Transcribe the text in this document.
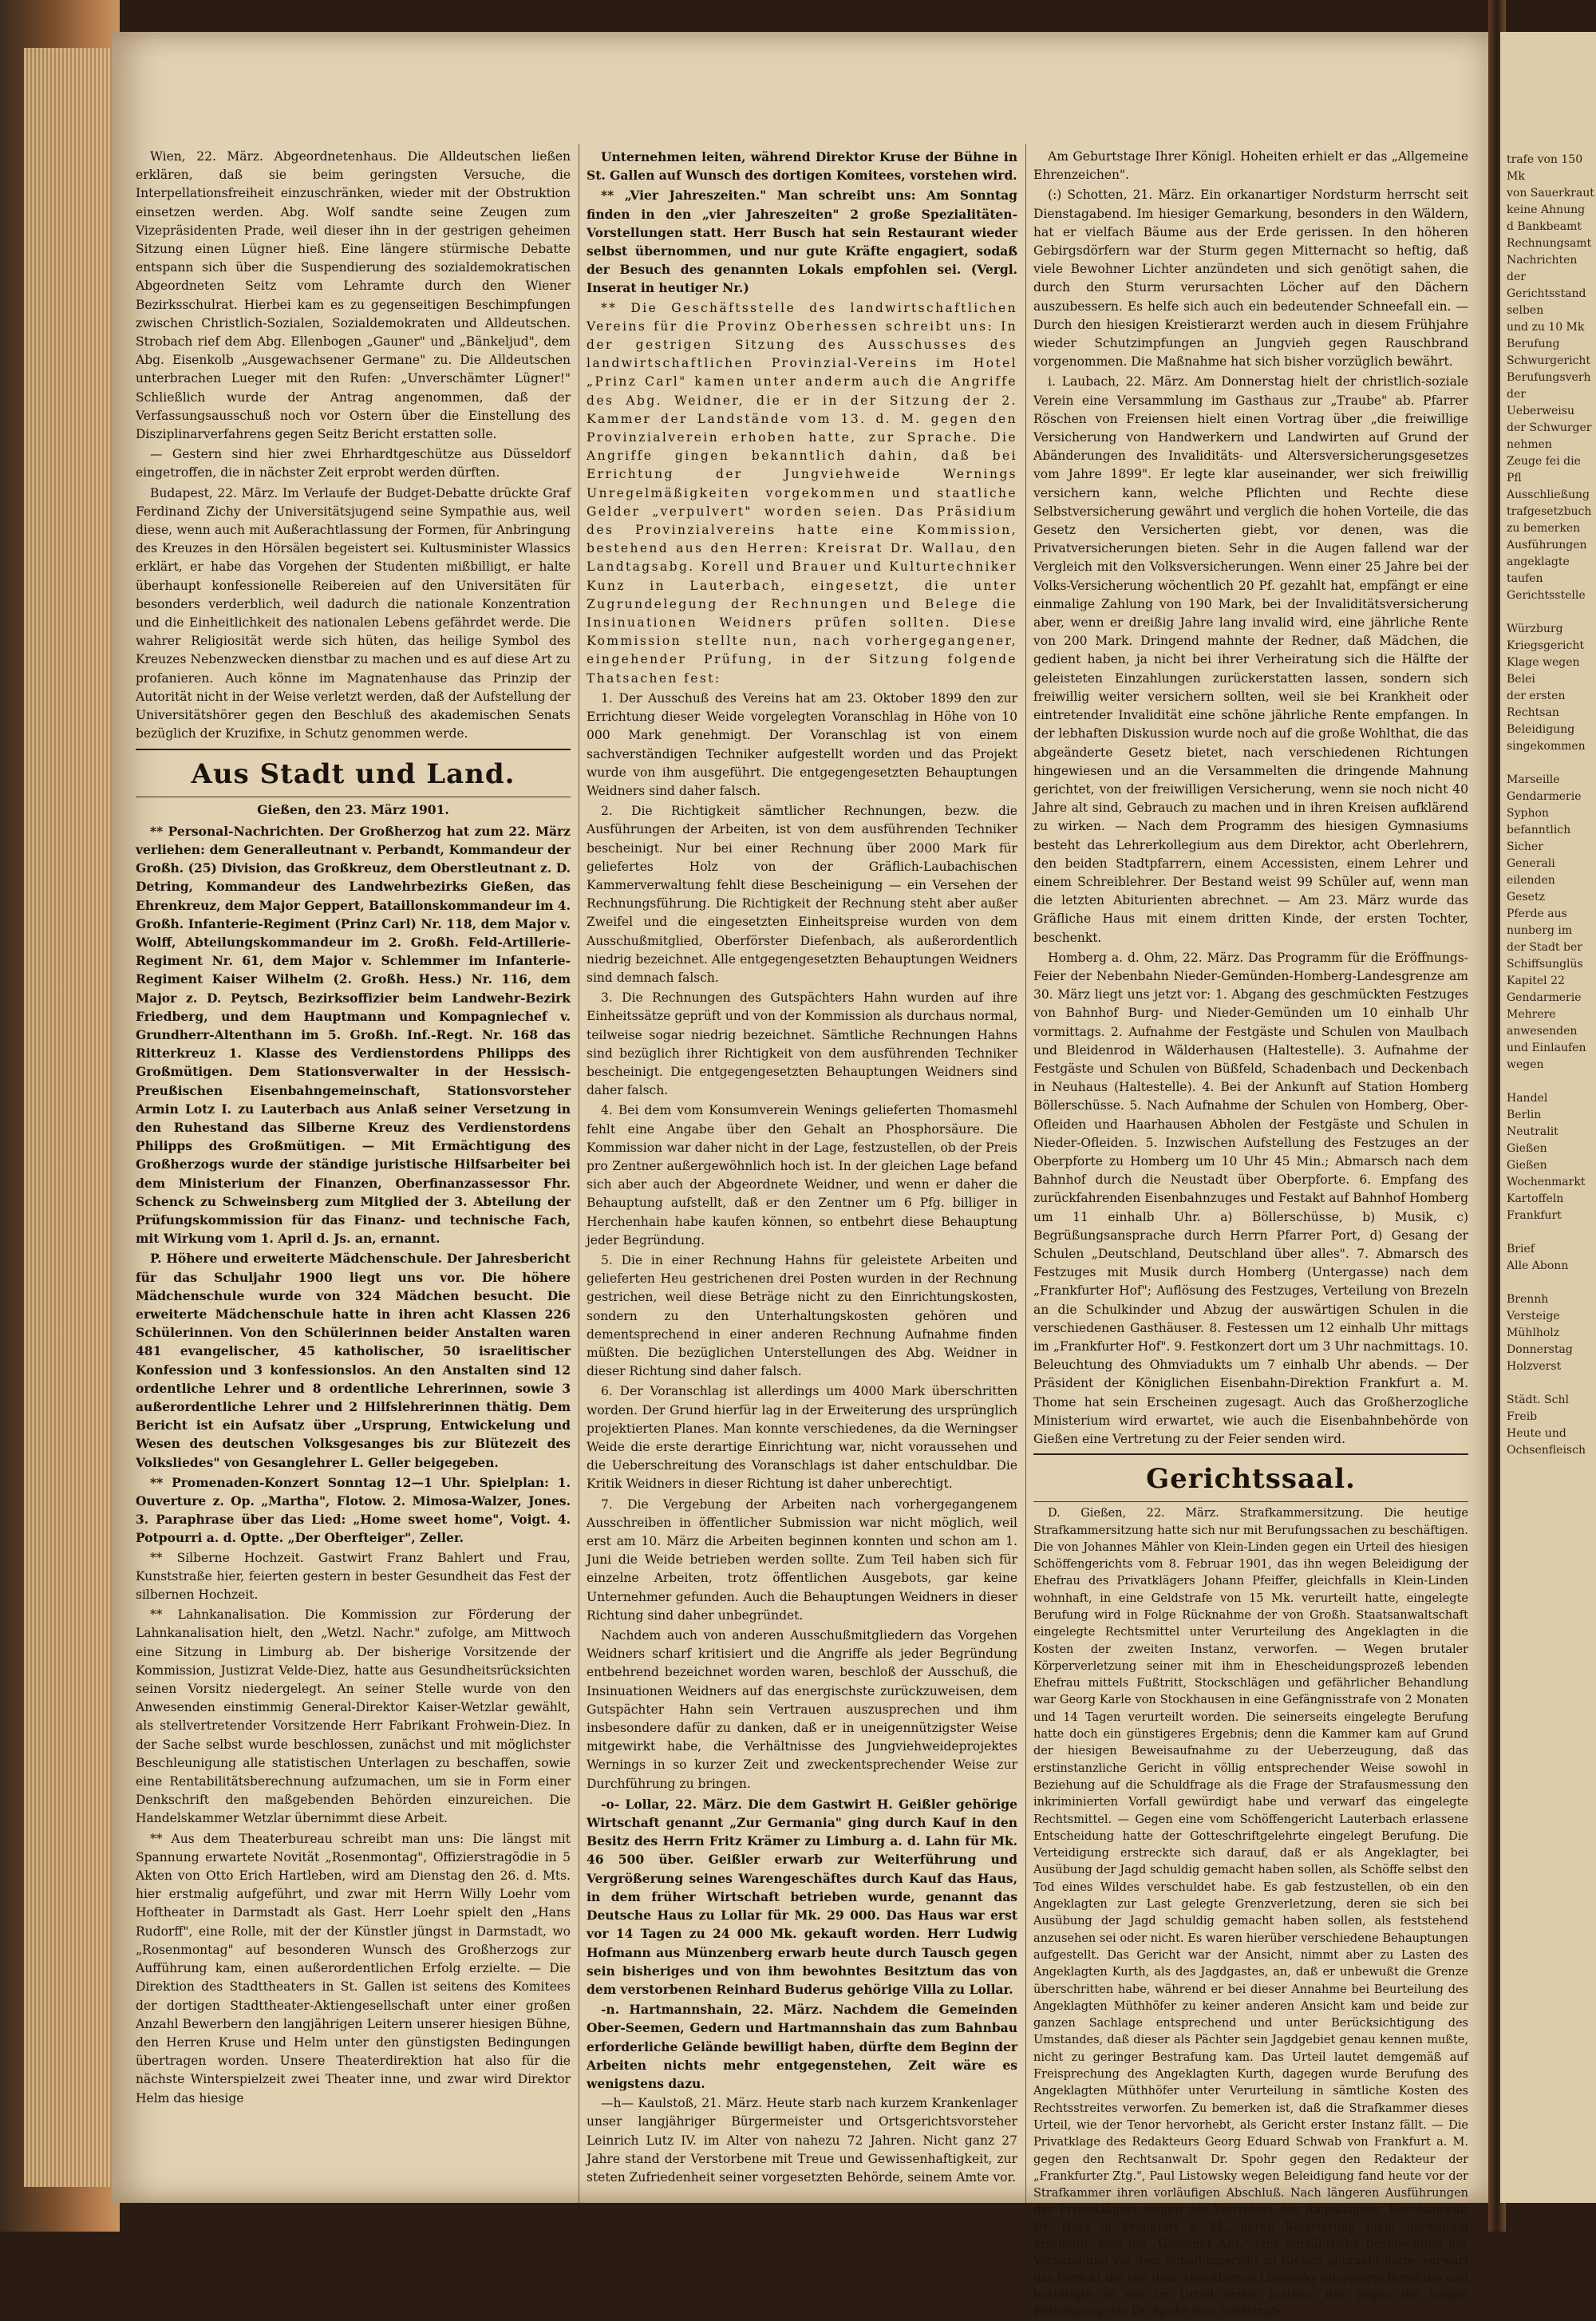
Wien, 22. März. Abgeordnetenhaus. Die Alldeutschen ließen erklären, daß sie beim geringsten Versuche, die Interpellationsfreiheit einzuschränken, wieder mit der Obstruktion einsetzen werden. Abg. Wolf sandte seine Zeugen zum Vizepräsidenten Prade, weil dieser ihn in der gestrigen geheimen Sitzung einen Lügner hieß. Eine längere stürmische Debatte entspann sich über die Suspendierung des sozialdemokratischen Abgeordneten Seitz vom Lehramte durch den Wiener Bezirksschulrat. Hierbei kam es zu gegenseitigen Beschimpfungen zwischen Christlich-Sozialen, Sozialdemokraten und Alldeutschen. Strobach rief dem Abg. Ellenbogen „Gauner" und „Bänkeljud", dem Abg. Eisenkolb „Ausgewachsener Germane" zu. Die Alldeutschen unterbrachen Lueger mit den Rufen: „Unverschämter Lügner!" Schließlich wurde der Antrag angenommen, daß der Verfassungsausschuß noch vor Ostern über die Einstellung des Disziplinarverfahrens gegen Seitz Bericht erstatten solle.

— Gestern sind hier zwei Ehrhardtgeschütze aus Düsseldorf eingetroffen, die in nächster Zeit erprobt werden dürften.

Budapest, 22. März. Im Verlaufe der Budget-Debatte drückte Graf Ferdinand Zichy der Universitätsjugend seine Sympathie aus, weil diese, wenn auch mit Außerachtlassung der Formen, für Anbringung des Kreuzes in den Hörsälen begeistert sei. Kultusminister Wlassics erklärt, er habe das Vorgehen der Studenten mißbilligt, er halte überhaupt konfessionelle Reibereien auf den Universitäten für besonders verderblich, weil dadurch die nationale Konzentration und die Einheitlichkeit des nationalen Lebens gefährdet werde. Die wahrer Religiosität werde sich hüten, das heilige Symbol des Kreuzes Nebenzwecken dienstbar zu machen und es auf diese Art zu profanieren. Auch könne im Magnatenhause das Prinzip der Autorität nicht in der Weise verletzt werden, daß der Aufstellung der Universitätshörer gegen den Beschluß des akademischen Senats bezüglich der Kruzifixe, in Schutz genommen werde.

Aus Stadt und Land.

Gießen, den 23. März 1901.

** Personal-Nachrichten. Der Großherzog hat zum 22. März verliehen: dem Generalleutnant v. Perbandt, Kommandeur der Großh. (25) Division, das Großkreuz, dem Oberstleutnant z. D. Detring, Kommandeur des Landwehrbezirks Gießen, das Ehrenkreuz, dem Major Geppert, Bataillonskommandeur im 4. Großh. Infanterie-Regiment (Prinz Carl) Nr. 118, dem Major v. Wolff, Abteilungskommandeur im 2. Großh. Feld-Artillerie-Regiment Nr. 61, dem Major v. Schlemmer im Infanterie-Regiment Kaiser Wilhelm (2. Großh. Hess.) Nr. 116, dem Major z. D. Peytsch, Bezirksoffizier beim Landwehr-Bezirk Friedberg, und dem Hauptmann und Kompagniechef v. Grundherr-Altenthann im 5. Großh. Inf.-Regt. Nr. 168 das Ritterkreuz 1. Klasse des Verdienstordens Philipps des Großmütigen. Dem Stationsverwalter in der Hessisch-Preußischen Eisenbahngemeinschaft, Stationsvorsteher Armin Lotz I. zu Lauterbach aus Anlaß seiner Versetzung in den Ruhestand das Silberne Kreuz des Verdienstordens Philipps des Großmütigen. — Mit Ermächtigung des Großherzogs wurde der ständige juristische Hilfsarbeiter bei dem Ministerium der Finanzen, Oberfinanzassessor Fhr. Schenck zu Schweinsberg zum Mitglied der 3. Abteilung der Prüfungskommission für das Finanz- und technische Fach, mit Wirkung vom 1. April d. Js. an, ernannt.

P. Höhere und erweiterte Mädchenschule. Der Jahresbericht für das Schuljahr 1900 liegt uns vor. Die höhere Mädchenschule wurde von 324 Mädchen besucht. Die erweiterte Mädchenschule hatte in ihren acht Klassen 226 Schülerinnen. Von den Schülerinnen beider Anstalten waren 481 evangelischer, 45 katholischer, 50 israelitischer Konfession und 3 konfessionslos. An den Anstalten sind 12 ordentliche Lehrer und 8 ordentliche Lehrerinnen, sowie 3 außerordentliche Lehrer und 2 Hilfslehrerinnen thätig. Dem Bericht ist ein Aufsatz über „Ursprung, Entwickelung und Wesen des deutschen Volksgesanges bis zur Blütezeit des Volksliedes" von Gesanglehrer L. Geller beigegeben.

** Promenaden-Konzert Sonntag 12—1 Uhr. Spielplan: 1. Ouverture z. Op. „Martha", Flotow. 2. Mimosa-Walzer, Jones. 3. Paraphrase über das Lied: „Home sweet home", Voigt. 4. Potpourri a. d. Optte. „Der Oberfteiger", Zeller.

** Silberne Hochzeit. Gastwirt Franz Bahlert und Frau, Kunststraße hier, feierten gestern in bester Gesundheit das Fest der silbernen Hochzeit.

** Lahnkanalisation. Die Kommission zur Förderung der Lahnkanalisation hielt, den „Wetzl. Nachr." zufolge, am Mittwoch eine Sitzung in Limburg ab. Der bisherige Vorsitzende der Kommission, Justizrat Velde-Diez, hatte aus Gesundheitsrücksichten seinen Vorsitz niedergelegt. An seiner Stelle wurde von den Anwesenden einstimmig General-Direktor Kaiser-Wetzlar gewählt, als stellvertretender Vorsitzende Herr Fabrikant Frohwein-Diez. In der Sache selbst wurde beschlossen, zunächst und mit möglichster Beschleunigung alle statistischen Unterlagen zu beschaffen, sowie eine Rentabilitätsberechnung aufzumachen, um sie in Form einer Denkschrift den maßgebenden Behörden einzureichen. Die Handelskammer Wetzlar übernimmt diese Arbeit.

** Aus dem Theaterbureau schreibt man uns: Die längst mit Spannung erwartete Novität „Rosenmontag", Offizierstragödie in 5 Akten von Otto Erich Hartleben, wird am Dienstag den 26. d. Mts. hier erstmalig aufgeführt, und zwar mit Herrn Willy Loehr vom Hoftheater in Darmstadt als Gast. Herr Loehr spielt den „Hans Rudorff", eine Rolle, mit der der Künstler jüngst in Darmstadt, wo „Rosenmontag" auf besonderen Wunsch des Großherzogs zur Aufführung kam, einen außerordentlichen Erfolg erzielte. — Die Direktion des Stadttheaters in St. Gallen ist seitens des Komitees der dortigen Stadttheater-Aktiengesellschaft unter einer großen Anzahl Bewerbern den langjährigen Leitern unserer hiesigen Bühne, den Herren Kruse und Helm unter den günstigsten Bedingungen übertragen worden. Unsere Theaterdirektion hat also für die nächste Winterspielzeit zwei Theater inne, und zwar wird Direktor Helm das hiesige

Unternehmen leiten, während Direktor Kruse der Bühne in St. Gallen auf Wunsch des dortigen Komitees, vorstehen wird.

** „Vier Jahreszeiten." Man schreibt uns: Am Sonntag finden in den „vier Jahreszeiten" 2 große Spezialitäten-Vorstellungen statt. Herr Busch hat sein Restaurant wieder selbst übernommen, und nur gute Kräfte engagiert, sodaß der Besuch des genannten Lokals empfohlen sei. (Vergl. Inserat in heutiger Nr.)

** Die Geschäftsstelle des landwirtschaftlichen Vereins für die Provinz Oberhessen schreibt uns: In der gestrigen Sitzung des Ausschusses des landwirtschaftlichen Provinzial-Vereins im Hotel „Prinz Carl" kamen unter anderm auch die Angriffe des Abg. Weidner, die er in der Sitzung der 2. Kammer der Landstände vom 13. d. M. gegen den Provinzialverein erhoben hatte, zur Sprache. Die Angriffe gingen bekanntlich dahin, daß bei Errichtung der Jungviehweide Wernings Unregelmäßigkeiten vorgekommen und staatliche Gelder „verpulvert" worden seien. Das Präsidium des Provinzialvereins hatte eine Kommission, bestehend aus den Herren: Kreisrat Dr. Wallau, den Landtagsabg. Korell und Brauer und Kulturtechniker Kunz in Lauterbach, eingesetzt, die unter Zugrundelegung der Rechnungen und Belege die Insinuationen Weidners prüfen sollten. Diese Kommission stellte nun, nach vorhergegangener, eingehender Prüfung, in der Sitzung folgende Thatsachen fest:

1. Der Ausschuß des Vereins hat am 23. Oktober 1899 den zur Errichtung dieser Weide vorgelegten Voranschlag in Höhe von 10 000 Mark genehmigt. Der Voranschlag ist von einem sachverständigen Techniker aufgestellt worden und das Projekt wurde von ihm ausgeführt. Die entgegengesetzten Behauptungen Weidners sind daher falsch.

2. Die Richtigkeit sämtlicher Rechnungen, bezw. die Ausführungen der Arbeiten, ist von dem ausführenden Techniker bescheinigt. Nur bei einer Rechnung über 2000 Mark für geliefertes Holz von der Gräflich-Laubachischen Kammerverwaltung fehlt diese Bescheinigung — ein Versehen der Rechnungsführung. Die Richtigkeit der Rechnung steht aber außer Zweifel und die eingesetzten Einheitspreise wurden von dem Ausschußmitglied, Oberförster Diefenbach, als außerordentlich niedrig bezeichnet. Alle entgegengesetzten Behauptungen Weidners sind demnach falsch.

3. Die Rechnungen des Gutspächters Hahn wurden auf ihre Einheitssätze geprüft und von der Kommission als durchaus normal, teilweise sogar niedrig bezeichnet. Sämtliche Rechnungen Hahns sind bezüglich ihrer Richtigkeit von dem ausführenden Techniker bescheinigt. Die entgegengesetzten Behauptungen Weidners sind daher falsch.

4. Bei dem vom Konsumverein Wenings gelieferten Thomasmehl fehlt eine Angabe über den Gehalt an Phosphorsäure. Die Kommission war daher nicht in der Lage, festzustellen, ob der Preis pro Zentner außergewöhnlich hoch ist. In der gleichen Lage befand sich aber auch der Abgeordnete Weidner, und wenn er daher die Behauptung aufstellt, daß er den Zentner um 6 Pfg. billiger in Herchenhain habe kaufen können, so entbehrt diese Behauptung jeder Begründung.

5. Die in einer Rechnung Hahns für geleistete Arbeiten und gelieferten Heu gestrichenen drei Posten wurden in der Rechnung gestrichen, weil diese Beträge nicht zu den Einrichtungskosten, sondern zu den Unterhaltungskosten gehören und dementsprechend in einer anderen Rechnung Aufnahme finden müßten. Die bezüglichen Unterstellungen des Abg. Weidner in dieser Richtung sind daher falsch.

6. Der Voranschlag ist allerdings um 4000 Mark überschritten worden. Der Grund hierfür lag in der Erweiterung des ursprünglich projektierten Planes. Man konnte verschiedenes, da die Werningser Weide die erste derartige Einrichtung war, nicht voraussehen und die Ueberschreitung des Voranschlags ist daher entschuldbar. Die Kritik Weidners in dieser Richtung ist daher unberechtigt.

7. Die Vergebung der Arbeiten nach vorhergegangenem Ausschreiben in öffentlicher Submission war nicht möglich, weil erst am 10. März die Arbeiten beginnen konnten und schon am 1. Juni die Weide betrieben werden sollte. Zum Teil haben sich für einzelne Arbeiten, trotz öffentlichen Ausgebots, gar keine Unternehmer gefunden. Auch die Behauptungen Weidners in dieser Richtung sind daher unbegründet.

Nachdem auch von anderen Ausschußmitgliedern das Vorgehen Weidners scharf kritisiert und die Angriffe als jeder Begründung entbehrend bezeichnet worden waren, beschloß der Ausschuß, die Insinuationen Weidners auf das energischste zurückzuweisen, dem Gutspächter Hahn sein Vertrauen auszusprechen und ihm insbesondere dafür zu danken, daß er in uneigennützigster Weise mitgewirkt habe, die Verhältnisse des Jungviehweideprojektes Wernings in so kurzer Zeit und zweckentsprechender Weise zur Durchführung zu bringen.

-o- Lollar, 22. März. Die dem Gastwirt H. Geißler gehörige Wirtschaft genannt „Zur Germania" ging durch Kauf in den Besitz des Herrn Fritz Krämer zu Limburg a. d. Lahn für Mk. 46 500 über. Geißler erwarb zur Weiterführung und Vergrößerung seines Warengeschäftes durch Kauf das Haus, in dem früher Wirtschaft betrieben wurde, genannt das Deutsche Haus zu Lollar für Mk. 29 000. Das Haus war erst vor 14 Tagen zu 24 000 Mk. gekauft worden. Herr Ludwig Hofmann aus Münzenberg erwarb heute durch Tausch gegen sein bisheriges und von ihm bewohntes Besitztum das von dem verstorbenen Reinhard Buderus gehörige Villa zu Lollar.

-n. Hartmannshain, 22. März. Nachdem die Gemeinden Ober-Seemen, Gedern und Hartmannshain das zum Bahnbau erforderliche Gelände bewilligt haben, dürfte dem Beginn der Arbeiten nichts mehr entgegenstehen, Zeit wäre es wenigstens dazu.

—h— Kaulstoß, 21. März. Heute starb nach kurzem Krankenlager unser langjähriger Bürgermeister und Ortsgerichtsvorsteher Leinrich Lutz IV. im Alter von nahezu 72 Jahren. Nicht ganz 27 Jahre stand der Verstorbene mit Treue und Gewissenhaftigkeit, zur steten Zufriedenheit seiner vorgesetzten Behörde, seinem Amte vor.

Am Geburtstage Ihrer Königl. Hoheiten erhielt er das „Allgemeine Ehrenzeichen".

(:) Schotten, 21. März. Ein orkanartiger Nordsturm herrscht seit Dienstagabend. Im hiesiger Gemarkung, besonders in den Wäldern, hat er vielfach Bäume aus der Erde gerissen. In den höheren Gebirgsdörfern war der Sturm gegen Mitternacht so heftig, daß viele Bewohner Lichter anzündeten und sich genötigt sahen, die durch den Sturm verursachten Löcher auf den Dächern auszubessern. Es helfe sich auch ein bedeutender Schneefall ein. — Durch den hiesigen Kreistierarzt werden auch in diesem Frühjahre wieder Schutzimpfungen an Jungvieh gegen Rauschbrand vorgenommen. Die Maßnahme hat sich bisher vorzüglich bewährt.

i. Laubach, 22. März. Am Donnerstag hielt der christlich-soziale Verein eine Versammlung im Gasthaus zur „Traube" ab. Pfarrer Röschen von Freiensen hielt einen Vortrag über „die freiwillige Versicherung von Handwerkern und Landwirten auf Grund der Abänderungen des Invaliditäts- und Altersversicherungsgesetzes vom Jahre 1899". Er legte klar auseinander, wer sich freiwillig versichern kann, welche Pflichten und Rechte diese Selbstversicherung gewährt und verglich die hohen Vorteile, die das Gesetz den Versicherten giebt, vor denen, was die Privatversicherungen bieten. Sehr in die Augen fallend war der Vergleich mit den Volksversicherungen. Wenn einer 25 Jahre bei der Volks-Versicherung wöchentlich 20 Pf. gezahlt hat, empfängt er eine einmalige Zahlung von 190 Mark, bei der Invaliditätsversicherung aber, wenn er dreißig Jahre lang invalid wird, eine jährliche Rente von 200 Mark. Dringend mahnte der Redner, daß Mädchen, die gedient haben, ja nicht bei ihrer Verheiratung sich die Hälfte der geleisteten Einzahlungen zurückerstatten lassen, sondern sich freiwillig weiter versichern sollten, weil sie bei Krankheit oder eintretender Invalidität eine schöne jährliche Rente empfangen. In der lebhaften Diskussion wurde noch auf die große Wohlthat, die das abgeänderte Gesetz bietet, nach verschiedenen Richtungen hingewiesen und an die Versammelten die dringende Mahnung gerichtet, von der freiwilligen Versicherung, wenn sie noch nicht 40 Jahre alt sind, Gebrauch zu machen und in ihren Kreisen aufklärend zu wirken. — Nach dem Programm des hiesigen Gymnasiums besteht das Lehrerkollegium aus dem Direktor, acht Oberlehrern, den beiden Stadtpfarrern, einem Accessisten, einem Lehrer und einem Schreiblehrer. Der Bestand weist 99 Schüler auf, wenn man die letzten Abiturienten abrechnet. — Am 23. März wurde das Gräfliche Haus mit einem dritten Kinde, der ersten Tochter, beschenkt.

Homberg a. d. Ohm, 22. März. Das Programm für die Eröffnungs-Feier der Nebenbahn Nieder-Gemünden-Homberg-Landesgrenze am 30. März liegt uns jetzt vor: 1. Abgang des geschmückten Festzuges von Bahnhof Burg- und Nieder-Gemünden um 10 einhalb Uhr vormittags. 2. Aufnahme der Festgäste und Schulen von Maulbach und Bleidenrod in Wälderhausen (Haltestelle). 3. Aufnahme der Festgäste und Schulen von Büßfeld, Schadenbach und Deckenbach in Neuhaus (Haltestelle). 4. Bei der Ankunft auf Station Homberg Böllerschüsse. 5. Nach Aufnahme der Schulen von Homberg, Ober-Ofleiden und Haarhausen Abholen der Festgäste und Schulen in Nieder-Ofleiden. 5. Inzwischen Aufstellung des Festzuges an der Oberpforte zu Homberg um 10 Uhr 45 Min.; Abmarsch nach dem Bahnhof durch die Neustadt über Oberpforte. 6. Empfang des zurückfahrenden Eisenbahnzuges und Festakt auf Bahnhof Homberg um 11 einhalb Uhr. a) Böllerschüsse, b) Musik, c) Begrüßungsansprache durch Herrn Pfarrer Port, d) Gesang der Schulen „Deutschland, Deutschland über alles". 7. Abmarsch des Festzuges mit Musik durch Homberg (Untergasse) nach dem „Frankfurter Hof"; Auflösung des Festzuges, Verteilung von Brezeln an die Schulkinder und Abzug der auswärtigen Schulen in die verschiedenen Gasthäuser. 8. Festessen um 12 einhalb Uhr mittags im „Frankfurter Hof". 9. Festkonzert dort um 3 Uhr nachmittags. 10. Beleuchtung des Ohmviadukts um 7 einhalb Uhr abends. — Der Präsident der Königlichen Eisenbahn-Direktion Frankfurt a. M. Thome hat sein Erscheinen zugesagt. Auch das Großherzogliche Ministerium wird erwartet, wie auch die Eisenbahnbehörde von Gießen eine Vertretung zu der Feier senden wird.

Gerichtssaal.

D. Gießen, 22. März. Strafkammersitzung. Die heutige Strafkammersitzung hatte sich nur mit Berufungssachen zu beschäftigen. Die von Johannes Mähler von Klein-Linden gegen ein Urteil des hiesigen Schöffengerichts vom 8. Februar 1901, das ihn wegen Beleidigung der Ehefrau des Privatklägers Johann Pfeiffer, gleichfalls in Klein-Linden wohnhaft, in eine Geldstrafe von 15 Mk. verurteilt hatte, eingelegte Berufung wird in Folge Rücknahme der von Großh. Staatsanwaltschaft eingelegte Rechtsmittel unter Verurteilung des Angeklagten in die Kosten der zweiten Instanz, verworfen. — Wegen brutaler Körperverletzung seiner mit ihm in Ehescheidungsprozeß lebenden Ehefrau mittels Fußtritt, Stockschlägen und gefährlicher Behandlung war Georg Karle von Stockhausen in eine Gefängnisstrafe von 2 Monaten und 14 Tagen verurteilt worden. Die seinerseits eingelegte Berufung hatte doch ein günstigeres Ergebnis; denn die Kammer kam auf Grund der hiesigen Beweisaufnahme zu der Ueberzeugung, daß das erstinstanzliche Gericht in völlig entsprechender Weise sowohl in Beziehung auf die Schuldfrage als die Frage der Strafausmessung den inkriminierten Vorfall gewürdigt habe und verwarf das eingelegte Rechtsmittel. — Gegen eine vom Schöffengericht Lauterbach erlassene Entscheidung hatte der Gotteschriftgelehrte eingelegt Berufung. Die Verteidigung erstreckte sich darauf, daß er als Angeklagter, bei Ausübung der Jagd schuldig gemacht haben sollen, als Schöffe selbst den Tod eines Wildes verschuldet habe. Es gab festzustellen, ob ein den Angeklagten zur Last gelegte Grenzverletzung, deren sie sich bei Ausübung der Jagd schuldig gemacht haben sollen, als feststehend anzusehen sei oder nicht. Es waren hierüber verschiedene Behauptungen aufgestellt. Das Gericht war der Ansicht, nimmt aber zu Lasten des Angeklagten Kurth, als des Jagdgastes, an, daß er unbewußt die Grenze überschritten habe, während er bei dieser Annahme bei Beurteilung des Angeklagten Müthhöfer zu keiner anderen Ansicht kam und beide zur ganzen Sachlage entsprechend und unter Berücksichtigung des Umstandes, daß dieser als Pächter sein Jagdgebiet genau kennen mußte, nicht zu geringer Bestrafung kam. Das Urteil lautet demgemäß auf Freisprechung des Angeklagten Kurth, dagegen wurde Berufung des Angeklagten Müthhöfer unter Verurteilung in sämtliche Kosten des Rechtsstreites verworfen. Zu bemerken ist, daß die Strafkammer dieses Urteil, wie der Tenor hervorhebt, als Gericht erster Instanz fällt. — Die Privatklage des Redakteurs Georg Eduard Schwab von Frankfurt a. M. gegen den Rechtsanwalt Dr. Spohr gegen den Redakteur der „Frankfurter Ztg.", Paul Listowsky wegen Beleidigung fand heute vor der Strafkammer ihren vorläufigen Abschluß. Nach längeren Ausführungen des Privatklägers wegen des Vertreters des Angeklagten, Rechtsanwalt Dr. Herz in Frankfurt a. M., deren Referierung nicht notwendig erscheint, weil die „Gießener Anz." eine ausführliche Besprechung der Verhandlung vor dem Schöffengericht zu Gießen gebracht hatte, verwarf das Gericht die von dem Angeklagten Listowsky eingelegte Berufung und bestätigte es das im Urteil erster Instanz, das gegen ihn wegen Beleidigung des Dr. Spohr eine Geldstrafe

trafe von 150 Mk
von Sauerkraut
keine Ahnung
d Bankbeamt
Rechnungsamt
Nachrichten
der
Gerichtsstand
selben
und zu 10 Mk
Berufung
Schwurgericht
Berufungsverh
der Ueberweisu
der Schwurger
nehmen
Zeuge fei die Pfl
Ausschließung
trafgesetzbuch
zu bemerken
Ausführungen
angeklagte
taufen
Gerichtsstelle

Würzburg
Kriegsgericht
Klage wegen Belei
der ersten Rechtsan
Beleidigung
singekommen

Marseille
Gendarmerie
Syphon
befanntlich
Sicher
Generali
eilenden Gesetz
Pferde aus
nunberg im
der Stadt ber
Schiffsunglüs
Kapitel 22
Gendarmerie
Mehrere
anwesenden
und Einlaufen
wegen

Handel
Berlin
Neutralit
Gießen
Gießen
Wochenmarkt
Kartoffeln
Frankfurt

Brief
Alle Abonn

Brennh
Versteige
Mühlholz
Donnerstag
Holzverst

Städt. Schl
Freib
Heute und
Ochsenfleisch
